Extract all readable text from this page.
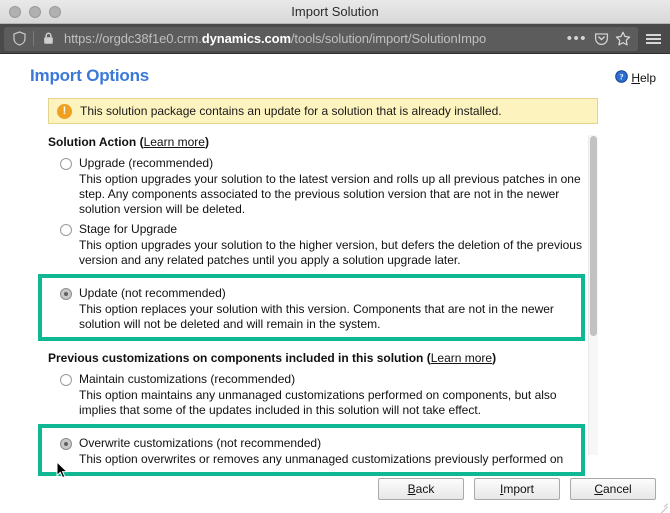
Import Solution
https://orgdc38f1e0.crm.dynamics.com/tools/solution/import/SolutionImpo	•••
Import Options	? Help
!	This solution package contains an update for a solution that is already installed.
Solution Action (Learn more)
Upgrade (recommended)
This option upgrades your solution to the latest version and rolls up all previous patches in one step. Any components associated to the previous solution version that are not in the newer solution version will be deleted.
Stage for Upgrade
This option upgrades your solution to the higher version, but defers the deletion of the previous version and any related patches until you apply a solution upgrade later.
Update (not recommended)
This option replaces your solution with this version. Components that are not in the newer solution will not be deleted and will remain in the system.
Previous customizations on components included in this solution (Learn more)
Maintain customizations (recommended)
This option maintains any unmanaged customizations performed on components, but also implies that some of the updates included in this solution will not take effect.
Overwrite customizations (not recommended)
This option overwrites or removes any unmanaged customizations previously performed on
B ack	I mport	C ancel
